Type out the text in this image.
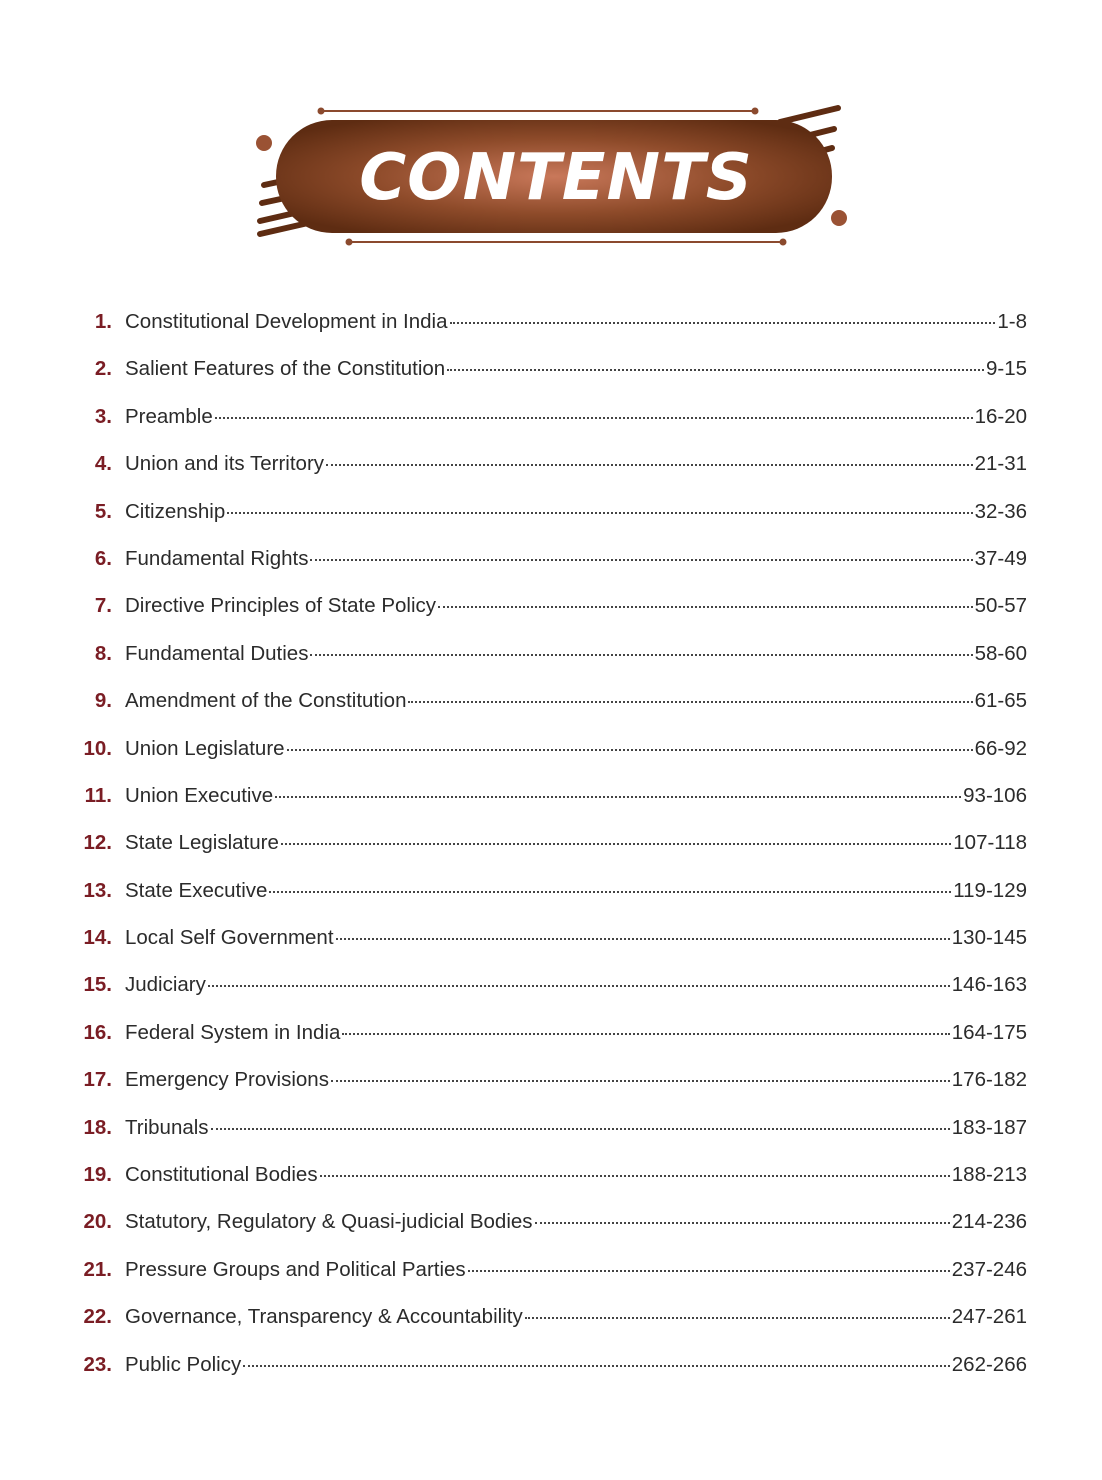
CONTENTS
1. Constitutional Development in India	1-8
2. Salient Features of the Constitution	9-15
3. Preamble	16-20
4. Union and its Territory	21-31
5. Citizenship	32-36
6. Fundamental Rights	37-49
7. Directive Principles of State Policy	50-57
8. Fundamental Duties	58-60
9. Amendment of the Constitution	61-65
10. Union Legislature	66-92
11. Union Executive	93-106
12. State Legislature	107-118
13. State Executive	119-129
14. Local Self Government	130-145
15. Judiciary	146-163
16. Federal System in India	164-175
17. Emergency Provisions	176-182
18. Tribunals	183-187
19. Constitutional Bodies	188-213
20. Statutory, Regulatory & Quasi-judicial Bodies	214-236
21. Pressure Groups and Political Parties	237-246
22. Governance, Transparency & Accountability	247-261
23. Public Policy	262-266
